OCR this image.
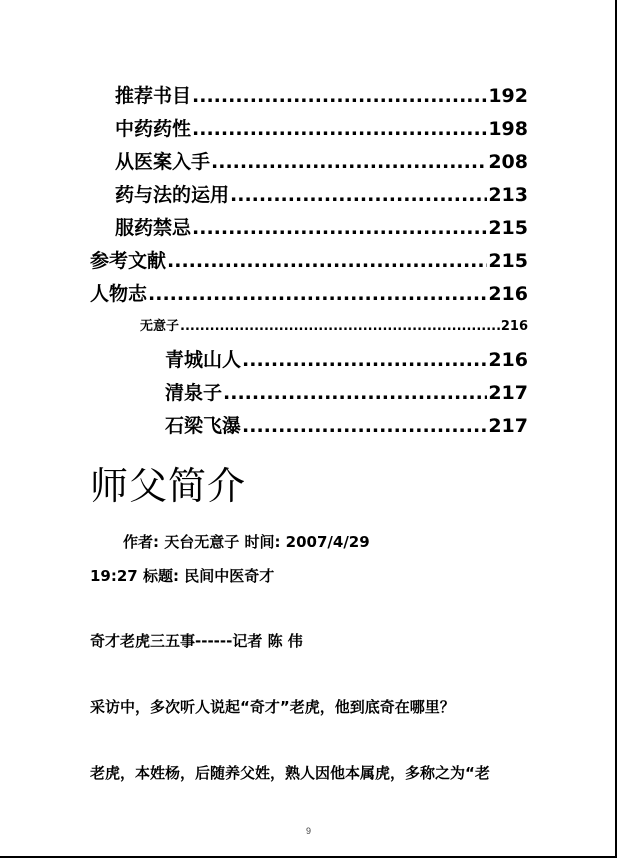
推荐书目 .....	192
中药药性 .....	198
从医案入手 .....	208
药与法的运用 .....	213
服药禁忌 .....	215
参考文献 .....	215
人物志 .....	216
无意子 .....	216
青城山人 .....	216
清泉子 .....	217
石梁飞瀑 .....	217
师父简介
作者: 天台无意子 时间: 2007/4/29
19:27 标题: 民间中医奇才
奇才老虎三五事------记者 陈 伟
采访中，多次听人说起“奇才”老虎，他到底奇在哪里？
老虎，本姓杨，后随养父姓，熟人因他本属虎，多称之为“老
9
